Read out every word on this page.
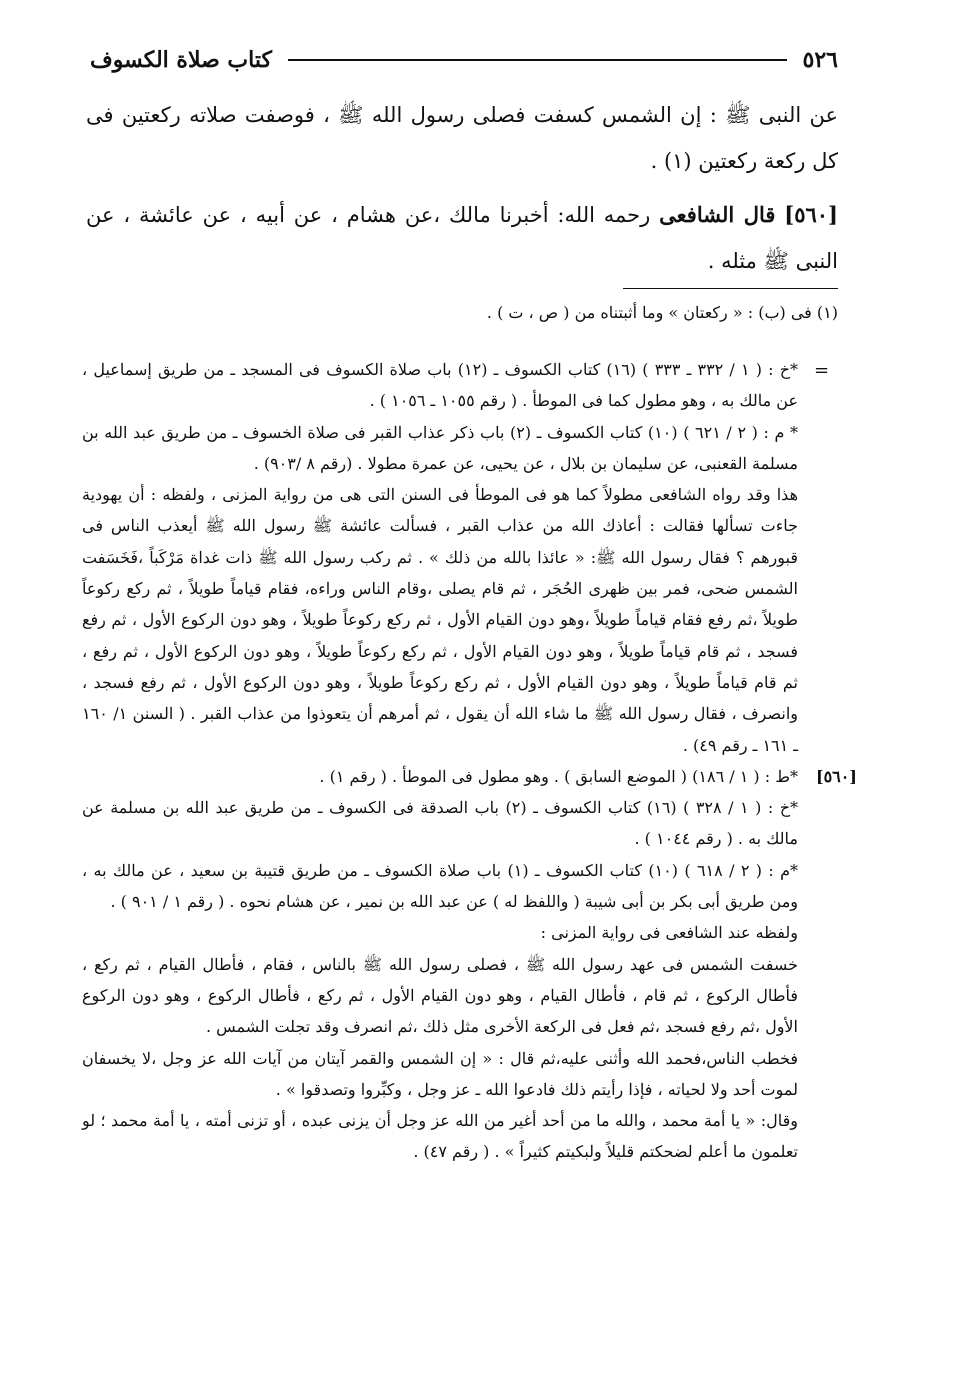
٥٢٦
كتاب صلاة الكسوف

عن النبى ﷺ : إن الشمس كسفت فصلى رسول الله ﷺ ، فوصفت صلاته ركعتين فى كل ركعة ركعتين (١) .

[٥٦٠] قال الشافعى رحمه الله: أخبرنا مالك ،عن هشام ، عن أبيه ، عن عائشة ، عن النبى ﷺ مثله .

(١) فى (ب) : « ركعتان » وما أثبتناه من ( ص ، ت ) .
=

*خ : ( ١ / ٣٣٢ ـ ٣٣٣ ) (١٦) كتاب الكسوف ـ (١٢) باب صلاة الكسوف فى المسجد ـ من طريق إسماعيل ، عن مالك به ، وهو مطول كما فى الموطأ . ( رقم ١٠٥٥ ـ ١٠٥٦ ) .

* م : ( ٢ / ٦٢١ ) (١٠) كتاب الكسوف ـ (٢) باب ذكر عذاب القبر فى صلاة الخسوف ـ من طريق عبد الله بن مسلمة القعنبى، عن سليمان بن بلال ، عن يحيى، عن عمرة مطولا . (رقم ٨ /٩٠٣) .

هذا وقد رواه الشافعى مطولاً كما هو فى الموطأ فى السنن التى هى من رواية المزنى ، ولفظه : أن يهودية جاءت تسألها فقالت : أعاذك الله من عذاب القبر ، فسألت عائشة ﷺ رسول الله ﷺ أيعذب الناس فى قبورهم ؟ فقال رسول الله ﷺ: « عائذا بالله من ذلك » . ثم ركب رسول الله ﷺ ذات غداة مَرْكَباً ،فَخَسَفت الشمس ضحى، فمر بين ظهرى الحُجَر ، ثم قام يصلى ،وقام الناس وراءه، فقام قياماً طويلاً ، ثم ركع ركوعاً طويلاً ،ثم رفع فقام قياماً طويلاً ،وهو دون القيام الأول ، ثم ركع ركوعاً طويلاً ، وهو دون الركوع الأول ، ثم رفع فسجد ، ثم قام قياماً طويلاً ، وهو دون القيام الأول ، ثم ركع ركوعاً طويلاً ، وهو دون الركوع الأول ، ثم رفع ، ثم قام قياماً طويلاً ، وهو دون القيام الأول ، ثم ركع ركوعاً طويلاً ، وهو دون الركوع الأول ، ثم رفع فسجد ، وانصرف ، فقال رسول الله ﷺ ما شاء الله أن يقول ، ثم أمرهم أن يتعوذوا من عذاب القبر . ( السنن ١/ ١٦٠ ـ ١٦١ ـ رقم ٤٩) .

[٥٦٠]

*ط : ( ١ / ١٨٦) ( الموضع السابق ) . وهو مطول فى الموطأ . ( رقم ١) .

*خ : ( ١ / ٣٢٨ ) (١٦) كتاب الكسوف ـ (٢) باب الصدقة فى الكسوف ـ من طريق عبد الله بن مسلمة عن مالك به . ( رقم ١٠٤٤ ) .

*م : ( ٢ / ٦١٨ ) (١٠) كتاب الكسوف ـ (١) باب صلاة الكسوف ـ من طريق قتيبة بن سعيد ، عن مالك به ، ومن طريق أبى بكر بن أبى شيبة ( واللفظ له ) عن عبد الله بن نمير ، عن هشام نحوه . ( رقم ١ / ٩٠١ ) .

ولفظه عند الشافعى فى رواية المزنى :

خسفت الشمس فى عهد رسول الله ﷺ ، فصلى رسول الله ﷺ بالناس ، فقام ، فأطال القيام ، ثم ركع ، فأطال الركوع ، ثم قام ، فأطال القيام ، وهو دون القيام الأول ، ثم ركع ، فأطال الركوع ، وهو دون الركوع الأول ،ثم رفع فسجد ،ثم فعل فى الركعة الأخرى مثل ذلك ،ثم انصرف وقد تجلت الشمس .

فخطب الناس،فحمد الله وأثنى عليه،ثم قال : « إن الشمس والقمر آيتان من آيات الله عز وجل ،لا يخسفان لموت أحد ولا لحياته ، فإذا رأيتم ذلك فادعوا الله ـ عز وجل ، وكبِّروا وتصدقوا » .

وقال: « يا أمة محمد ، والله ما من أحد أغير من الله عز وجل أن يزنى عبده ، أو تزنى أمته ، يا أمة محمد ؛ لو تعلمون ما أعلم لضحكتم قليلاً ولبكيتم كثيراً » . ( رقم ٤٧) .
